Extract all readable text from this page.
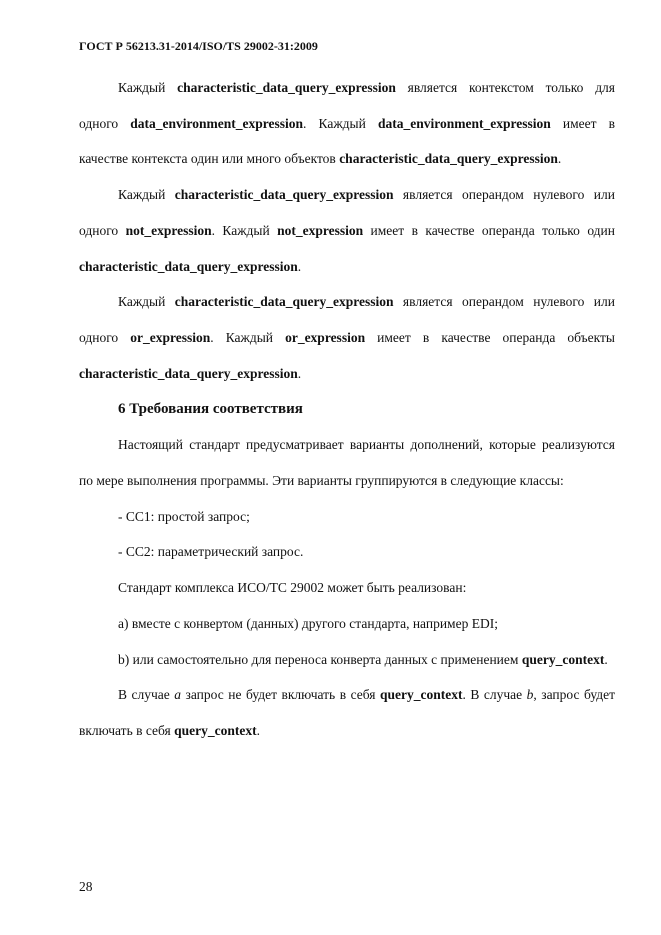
ГОСТ Р 56213.31-2014/ISO/TS 29002-31:2009

Каждый characteristic_data_query_expression является контекстом только для одного data_environment_expression. Каждый data_environment_expression имеет в качестве контекста один или много объектов characteristic_data_query_expression.

Каждый characteristic_data_query_expression является операндом нулевого или одного not_expression. Каждый not_expression имеет в качестве операнда только один characteristic_data_query_expression.

Каждый characteristic_data_query_expression является операндом нулевого или одного or_expression. Каждый or_expression имеет в качестве операнда объекты characteristic_data_query_expression.

6 Требования соответствия

Настоящий стандарт предусматривает варианты дополнений, которые реализуются по мере выполнения программы. Эти варианты группируются в следующие классы:

- CC1: простой запрос;

- CC2: параметрический запрос.

Стандарт комплекса ИСО/ТС 29002 может быть реализован:

а) вместе с конвертом (данных) другого стандарта, например EDI;

b) или самостоятельно для переноса конверта данных с применением query_context.

В случае а запрос не будет включать в себя query_context. В случае b, запрос будет включать в себя query_context.

28
